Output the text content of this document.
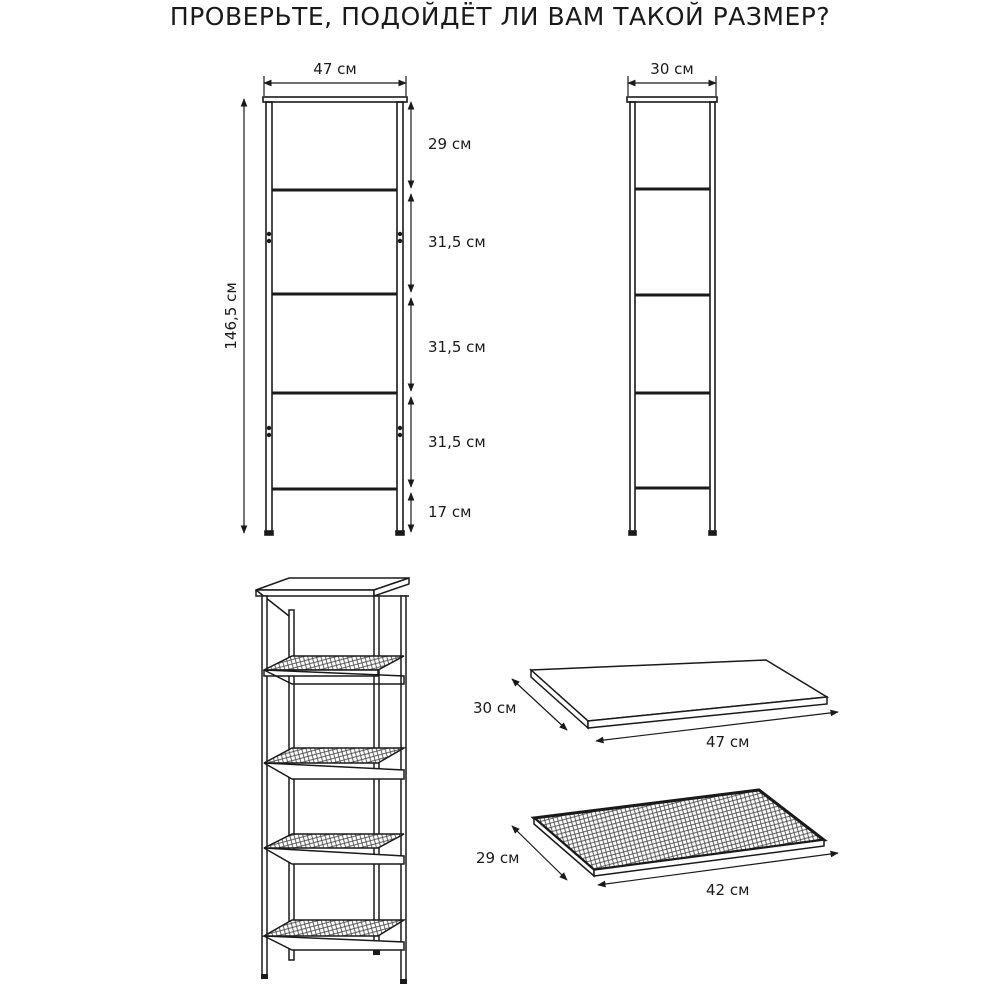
ПРОВЕРЬТЕ, ПОДОЙДЁТ ЛИ ВАМ ТАКОЙ РАЗМЕР?
47 см
146,5 см
29 см
31,5 см
31,5 см
31,5 см
17 см
30 см
30 см
47 см
29 см
42 см
